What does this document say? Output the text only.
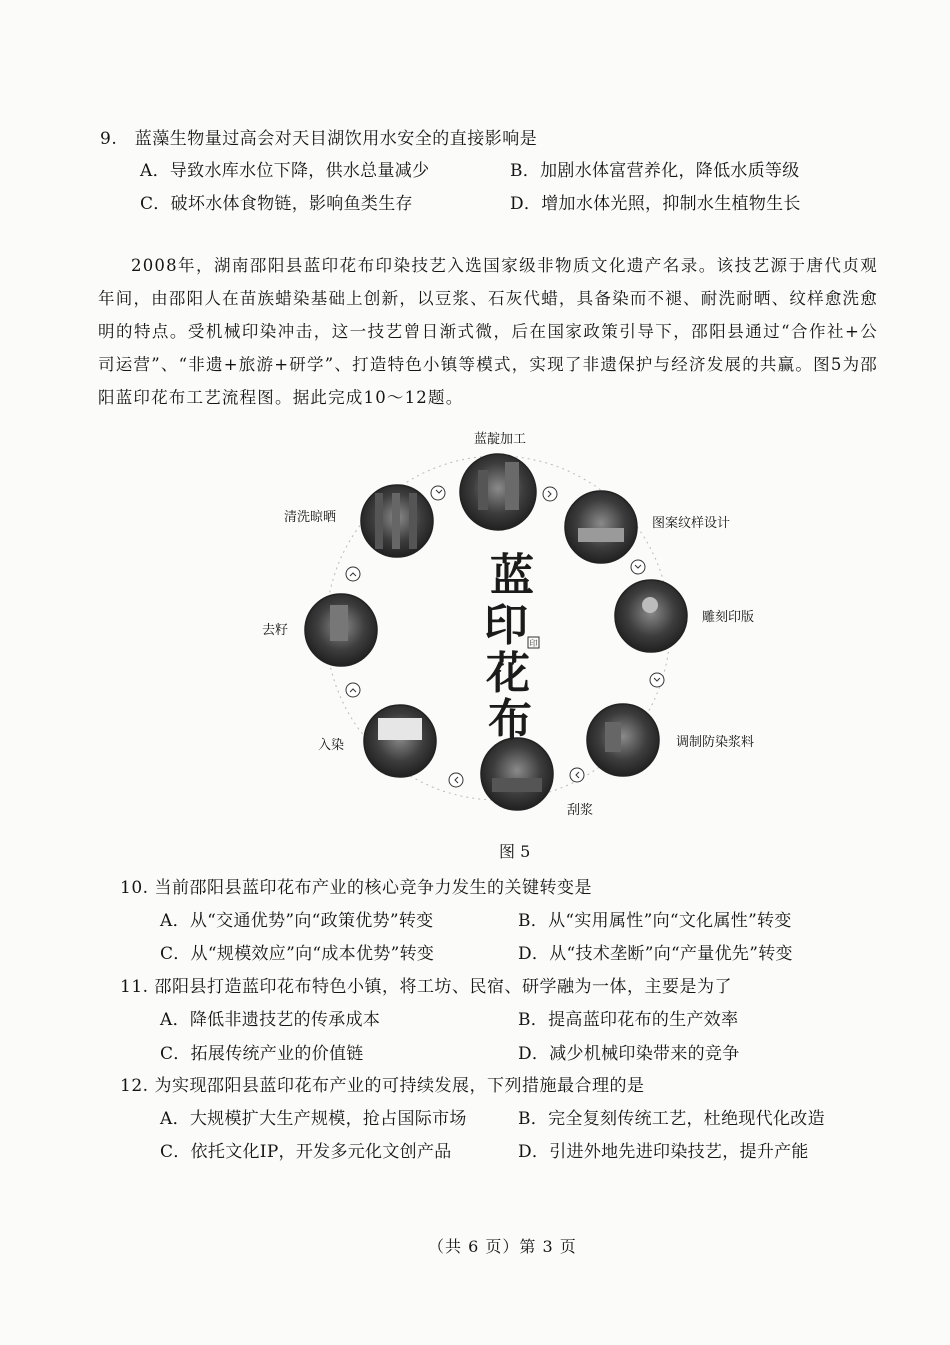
9.　蓝藻生物量过高会对天目湖饮用水安全的直接影响是
A．导致水库水位下降，供水总量减少	B．加剧水体富营养化，降低水质等级
C．破坏水体食物链，影响鱼类生存	D．增加水体光照，抑制水生植物生长
2008年，湖南邵阳县蓝印花布印染技艺入选国家级非物质文化遗产名录。该技艺源于唐代贞观年间，由邵阳人在苗族蜡染基础上创新，以豆浆、石灰代蜡，具备染而不褪、耐洗耐晒、纹样愈洗愈明的特点。受机械印染冲击，这一技艺曾日渐式微，后在国家政策引导下，邵阳县通过“合作社+公司运营”、“非遗+旅游+研学”、打造特色小镇等模式，实现了非遗保护与经济发展的共赢。图5为邵阳蓝印花布工艺流程图。据此完成10～12题。
蓝
印
花
布
印
蓝靛加工
图案纹样设计
雕刻印版
调制防染浆料
刮浆
入染
去籽
清洗晾晒
图 5
10. 当前邵阳县蓝印花布产业的核心竞争力发生的关键转变是
A．从“交通优势”向“政策优势”转变	B．从“实用属性”向“文化属性”转变
C．从“规模效应”向“成本优势”转变	D．从“技术垄断”向“产量优先”转变
11. 邵阳县打造蓝印花布特色小镇，将工坊、民宿、研学融为一体，主要是为了
A．降低非遗技艺的传承成本	B．提高蓝印花布的生产效率
C．拓展传统产业的价值链	D．减少机械印染带来的竞争
12. 为实现邵阳县蓝印花布产业的可持续发展，下列措施最合理的是
A．大规模扩大生产规模，抢占国际市场	B．完全复刻传统工艺，杜绝现代化改造
C．依托文化IP，开发多元化文创产品	D．引进外地先进印染技艺，提升产能
（共 6 页）第 3 页
